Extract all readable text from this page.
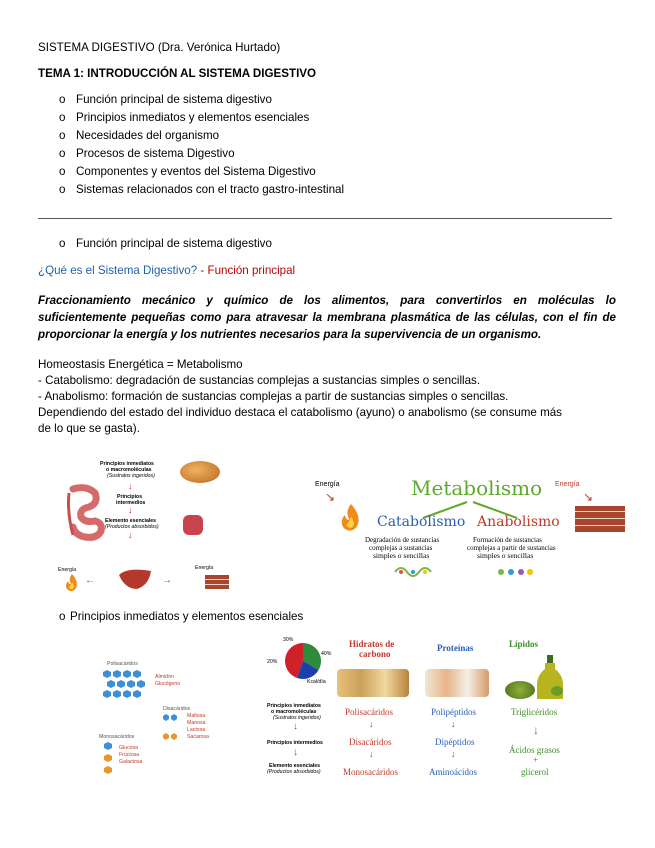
SISTEMA DIGESTIVO (Dra. Verónica Hurtado)
TEMA 1: INTRODUCCIÓN AL SISTEMA DIGESTIVO
o Función principal de sistema digestivo
o Principios inmediatos y elementos esenciales
o Necesidades del organismo
o Procesos de sistema Digestivo
o Componentes y eventos del Sistema Digestivo
o Sistemas relacionados con el tracto gastro-intestinal
o Función principal de sistema digestivo
¿Qué es el Sistema Digestivo? - Función principal
Fraccionamiento mecánico y químico de los alimentos, para convertirlos en moléculas lo suficientemente pequeñas como para atravesar la membrana plasmática de las células, con el fin de proporcionar la energía y los nutrientes necesarios para la supervivencia de un organismo.
Homeostasis Energética = Metabolismo
- Catabolismo: degradación de sustancias complejas a sustancias simples o sencillas.
- Anabolismo: formación de sustancias complejas a partir de sustancias simples o sencillas.
Dependiendo del estado del individuo destaca el catabolismo (ayuno) o anabolismo (se consume más
de lo que se gasta).
Principios inmediatos
o macromoléculas
(Sustratos ingeridos)
↓
Principios
intermedios
↓
Elemento esenciales
(Productos absorbidos)
↓
Energía
←	→
Energía
Energía
↘	Metabolismo
Catabolismo Anabolismo
Degradación de sustancias
complejas a sustancias
simples o sencillas
Formación de sustancias
complejas a partir de sustancias
simples o sencillas
Energía
↘
o Principios inmediatos y elementos esenciales
Polisacáridos
Almidón
Glucógeno
Disacáridos
Maltosa
Manosa
Lactosa
Sacarosa
Monosacáridos
Glucosa
Fructosa
Galactosa
30%
20%
40%
Kcal/día
Principios inmediatos
o macromoléculas
(Sustratos ingeridos)
↓
Principios intermedios
↓
Elemento esenciales
(Productos absorbidos)
Hidratos de
carbono
Polisacáridos
↓
Disacáridos
↓
Monosacáridos
Proteínas
Polipéptidos
↓
Dipéptidos
↓
Aminoácidos
Lípidos
Triglicéridos
↓
Ácidos grasos
+
glicerol
